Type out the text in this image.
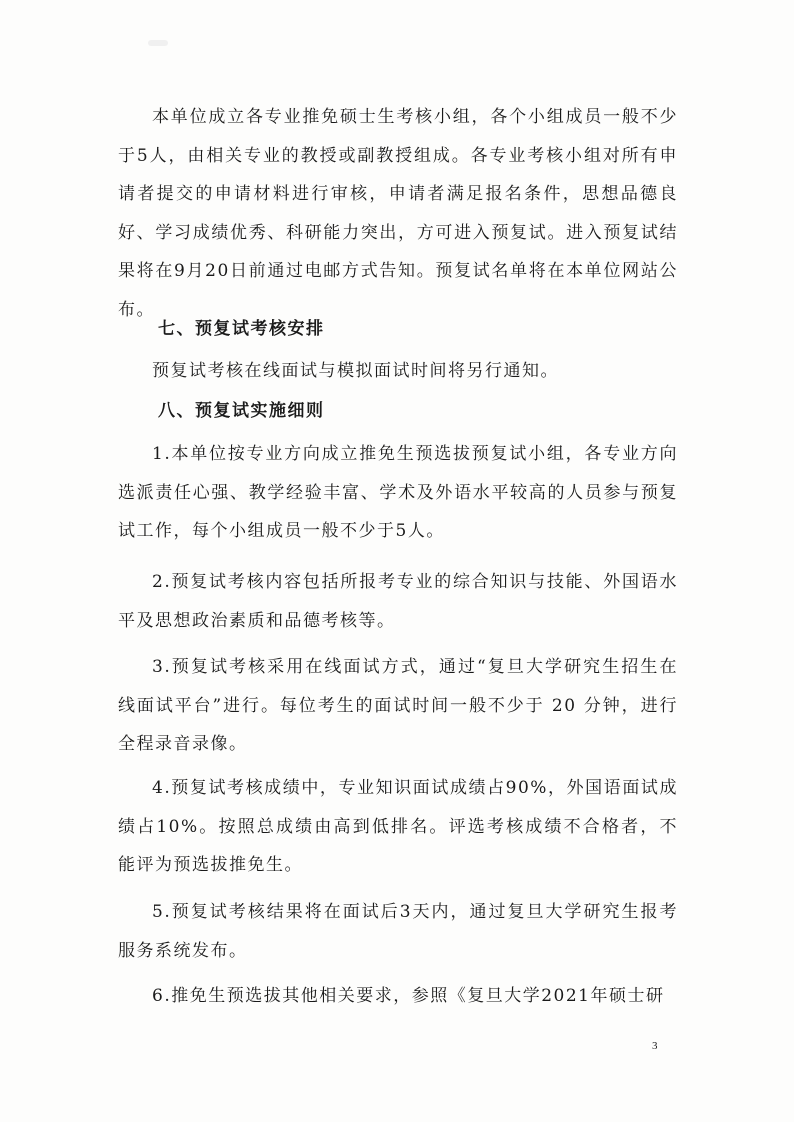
本单位成立各专业推免硕士生考核小组，各个小组成员一般不少于5人，由相关专业的教授或副教授组成。各专业考核小组对所有申请者提交的申请材料进行审核，申请者满足报名条件，思想品德良好、学习成绩优秀、科研能力突出，方可进入预复试。进入预复试结果将在9月20日前通过电邮方式告知。预复试名单将在本单位网站公布。

七、预复试考核安排

预复试考核在线面试与模拟面试时间将另行通知。

八、预复试实施细则

1.本单位按专业方向成立推免生预选拔预复试小组，各专业方向选派责任心强、教学经验丰富、学术及外语水平较高的人员参与预复试工作，每个小组成员一般不少于5人。

2.预复试考核内容包括所报考专业的综合知识与技能、外国语水平及思想政治素质和品德考核等。

3.预复试考核采用在线面试方式，通过“复旦大学研究生招生在线面试平台”进行。每位考生的面试时间一般不少于 20 分钟，进行全程录音录像。

4.预复试考核成绩中，专业知识面试成绩占90%，外国语面试成绩占10%。按照总成绩由高到低排名。评选考核成绩不合格者，不能评为预选拔推免生。

5.预复试考核结果将在面试后3天内，通过复旦大学研究生报考服务系统发布。

6.推免生预选拔其他相关要求，参照《复旦大学2021年硕士研

3
